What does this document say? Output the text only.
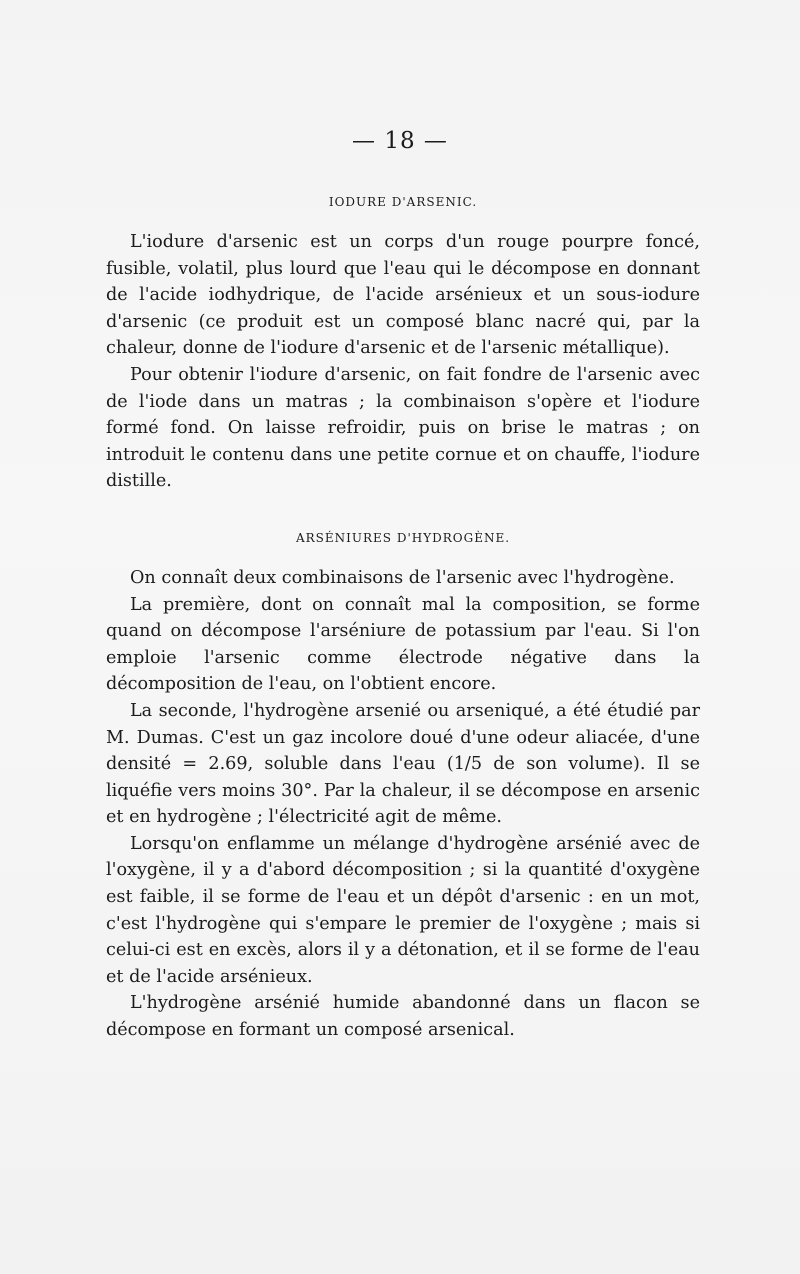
— 18 —
IODURE D'ARSENIC.

L'iodure d'arsenic est un corps d'un rouge pourpre foncé, fusible, volatil, plus lourd que l'eau qui le décompose en donnant de l'acide iodhydrique, de l'acide arsénieux et un sous-iodure d'arsenic (ce produit est un composé blanc nacré qui, par la chaleur, donne de l'iodure d'arsenic et de l'arsenic métallique).

Pour obtenir l'iodure d'arsenic, on fait fondre de l'arsenic avec de l'iode dans un matras ; la combinaison s'opère et l'iodure formé fond. On laisse refroidir, puis on brise le matras ; on introduit le contenu dans une petite cornue et on chauffe, l'iodure distille.

ARSÉNIURES D'HYDROGÈNE.

On connaît deux combinaisons de l'arsenic avec l'hydrogène.

La première, dont on connaît mal la composition, se forme quand on décompose l'arséniure de potassium par l'eau. Si l'on emploie l'arsenic comme électrode négative dans la décomposition de l'eau, on l'obtient encore.

La seconde, l'hydrogène arsenié ou arseniqué, a été étudié par M. Dumas. C'est un gaz incolore doué d'une odeur aliacée, d'une densité = 2.69, soluble dans l'eau (1/5 de son volume). Il se liquéfie vers moins 30°. Par la chaleur, il se décompose en arsenic et en hydrogène ; l'électricité agit de même.

Lorsqu'on enflamme un mélange d'hydrogène arsénié avec de l'oxygène, il y a d'abord décomposition ; si la quantité d'oxygène est faible, il se forme de l'eau et un dépôt d'arsenic : en un mot, c'est l'hydrogène qui s'empare le premier de l'oxygène ; mais si celui-ci est en excès, alors il y a détonation, et il se forme de l'eau et de l'acide arsénieux.

L'hydrogène arsénié humide abandonné dans un flacon se décompose en formant un composé arsenical.
